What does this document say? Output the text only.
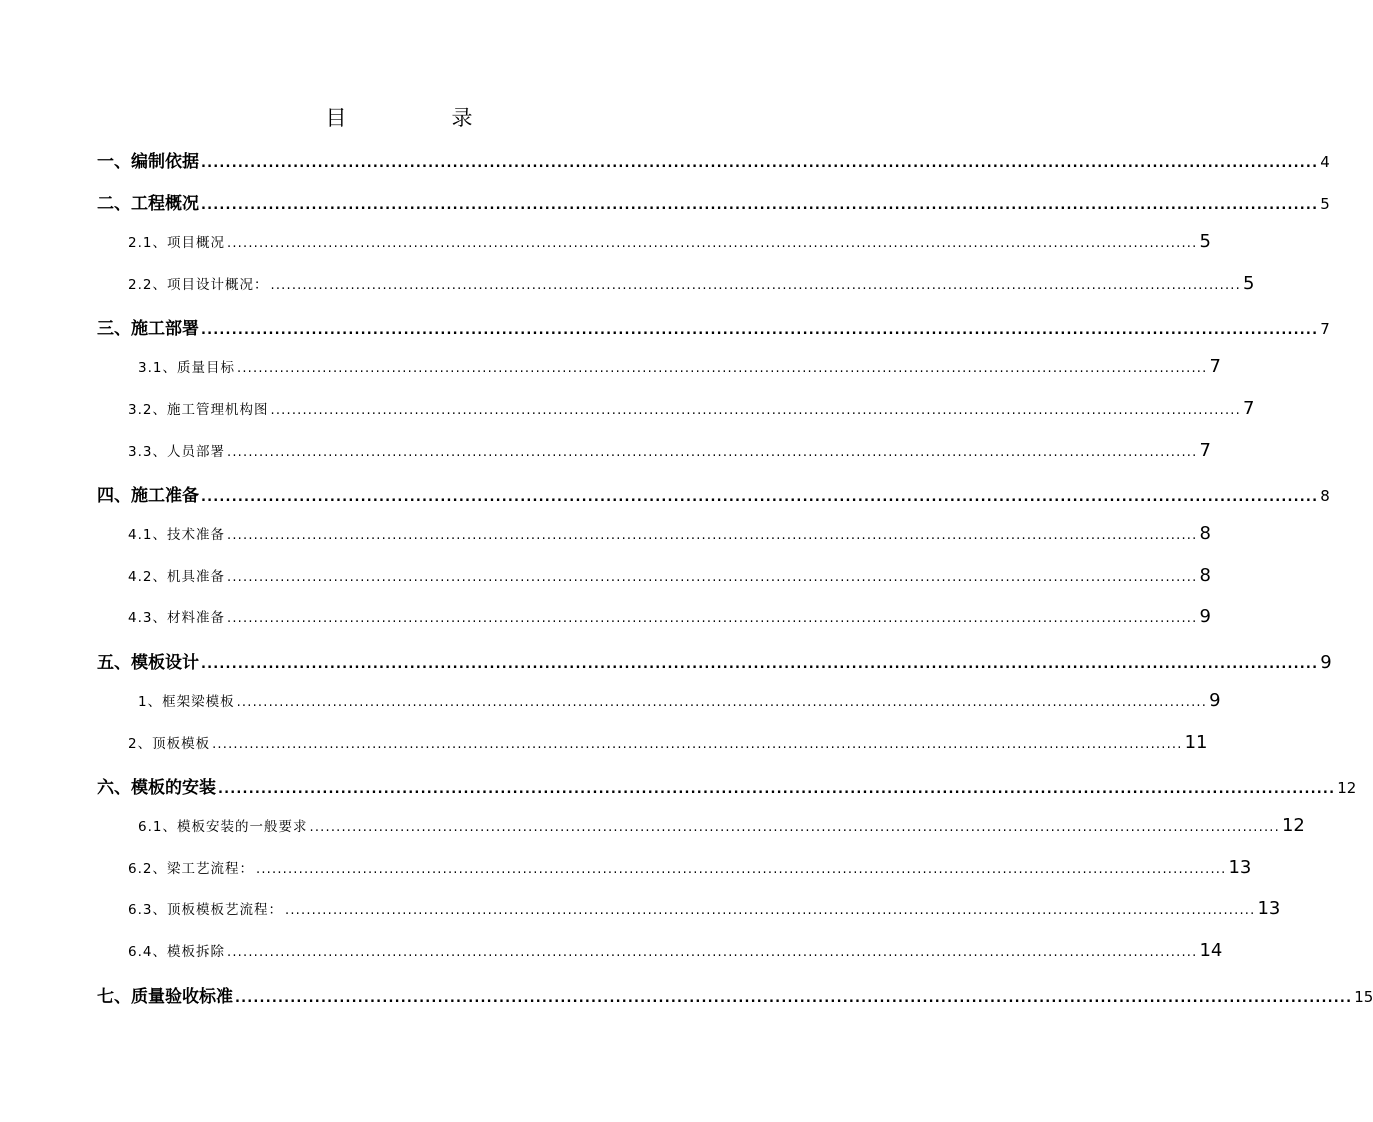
目　录
一、编制依据 ...................................................................................................................................................................................... 4
二、工程概况 ...................................................................................................................................................................................... 5
2.1、项目概况 ...................................................................................................................................................................................... 5
2.2、项目设计概况： ...................................................................................................................................................................................... 5
三、施工部署 ...................................................................................................................................................................................... 7
3.1、质量目标 ...................................................................................................................................................................................... 7
3.2、施工管理机构图 ...................................................................................................................................................................................... 7
3.3、人员部署 ...................................................................................................................................................................................... 7
四、施工准备 ...................................................................................................................................................................................... 8
4.1、技术准备 ...................................................................................................................................................................................... 8
4.2、机具准备 ...................................................................................................................................................................................... 8
4.3、材料准备 ...................................................................................................................................................................................... 9
五、模板设计 ...................................................................................................................................................................................... 9
1、框架梁模板 ...................................................................................................................................................................................... 9
2、顶板模板 ...................................................................................................................................................................................... 11
六、模板的安装 ...................................................................................................................................................................................... 12
6.1、模板安装的一般要求 ...................................................................................................................................................................................... 12
6.2、梁工艺流程： ...................................................................................................................................................................................... 13
6.3、顶板模板艺流程： ...................................................................................................................................................................................... 13
6.4、模板拆除 ...................................................................................................................................................................................... 14
七、质量验收标准 ...................................................................................................................................................................................... 15
